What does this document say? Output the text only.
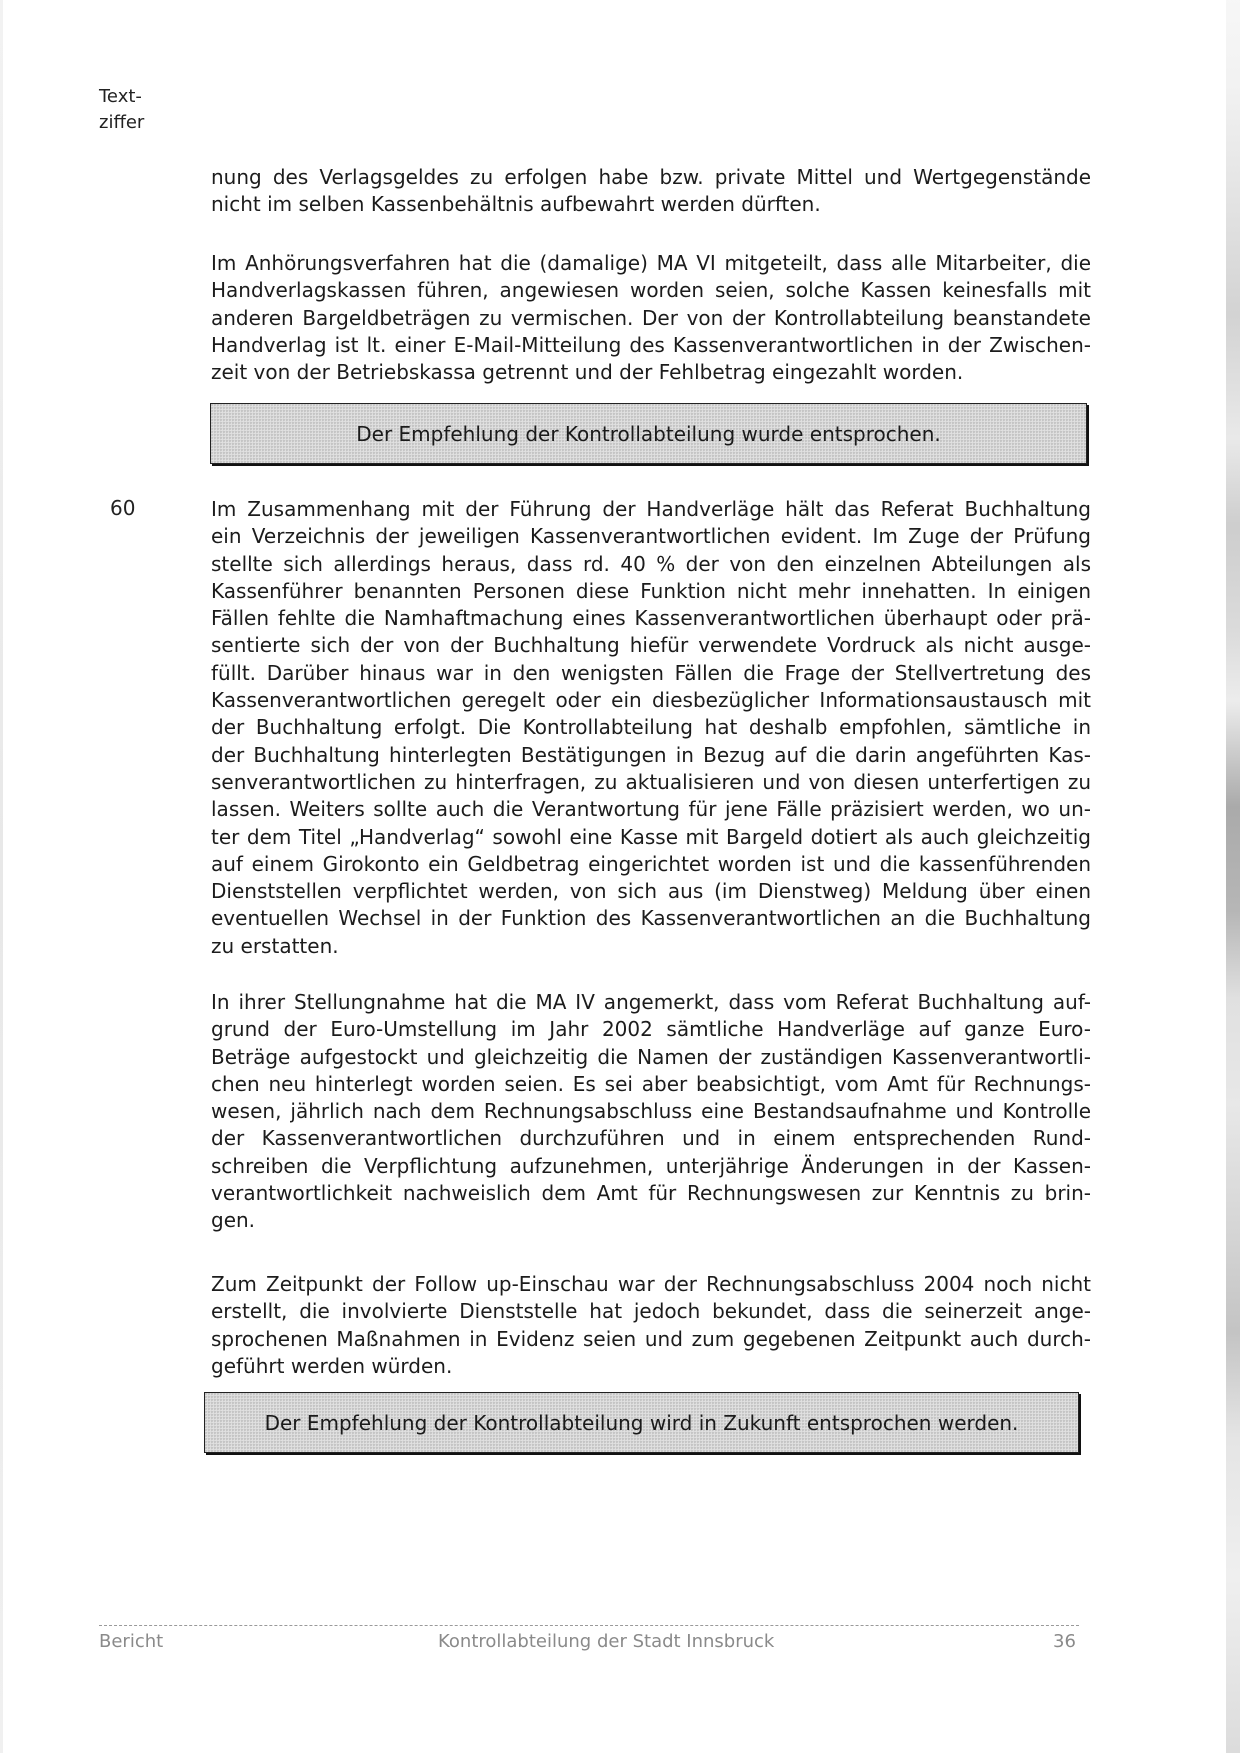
Text-
ziffer
nung des Verlagsgeldes zu erfolgen habe bzw. private Mittel und Wertgegenstände
nicht im selben Kassenbehältnis aufbewahrt werden dürften.
Im Anhörungsverfahren hat die (damalige) MA VI mitgeteilt, dass alle Mitarbeiter, die
Handverlagskassen führen, angewiesen worden seien, solche Kassen keinesfalls mit
anderen Bargeldbeträgen zu vermischen. Der von der Kontrollabteilung beanstandete
Handverlag ist lt. einer E-Mail-Mitteilung des Kassenverantwortlichen in der Zwischen-
zeit von der Betriebskassa getrennt und der Fehlbetrag eingezahlt worden.
Der Empfehlung der Kontrollabteilung wurde entsprochen.
60	Im Zusammenhang mit der Führung der Handverläge hält das Referat Buchhaltung
ein Verzeichnis der jeweiligen Kassenverantwortlichen evident. Im Zuge der Prüfung
stellte sich allerdings heraus, dass rd. 40 % der von den einzelnen Abteilungen als
Kassenführer benannten Personen diese Funktion nicht mehr innehatten. In einigen
Fällen fehlte die Namhaftmachung eines Kassenverantwortlichen überhaupt oder prä-
sentierte sich der von der Buchhaltung hiefür verwendete Vordruck als nicht ausge-
füllt. Darüber hinaus war in den wenigsten Fällen die Frage der Stellvertretung des
Kassenverantwortlichen geregelt oder ein diesbezüglicher Informationsaustausch mit
der Buchhaltung erfolgt. Die Kontrollabteilung hat deshalb empfohlen, sämtliche in
der Buchhaltung hinterlegten Bestätigungen in Bezug auf die darin angeführten Kas-
senverantwortlichen zu hinterfragen, zu aktualisieren und von diesen unterfertigen zu
lassen. Weiters sollte auch die Verantwortung für jene Fälle präzisiert werden, wo un-
ter dem Titel „Handverlag“ sowohl eine Kasse mit Bargeld dotiert als auch gleichzeitig
auf einem Girokonto ein Geldbetrag eingerichtet worden ist und die kassenführenden
Dienststellen verpflichtet werden, von sich aus (im Dienstweg) Meldung über einen
eventuellen Wechsel in der Funktion des Kassenverantwortlichen an die Buchhaltung
zu erstatten.
In ihrer Stellungnahme hat die MA IV angemerkt, dass vom Referat Buchhaltung auf-
grund der Euro-Umstellung im Jahr 2002 sämtliche Handverläge auf ganze Euro-
Beträge aufgestockt und gleichzeitig die Namen der zuständigen Kassenverantwortli-
chen neu hinterlegt worden seien. Es sei aber beabsichtigt, vom Amt für Rechnungs-
wesen, jährlich nach dem Rechnungsabschluss eine Bestandsaufnahme und Kontrolle
der Kassenverantwortlichen durchzuführen und in einem entsprechenden Rund-
schreiben die Verpflichtung aufzunehmen, unterjährige Änderungen in der Kassen-
verantwortlichkeit nachweislich dem Amt für Rechnungswesen zur Kenntnis zu brin-
gen.
Zum Zeitpunkt der Follow up-Einschau war der Rechnungsabschluss 2004 noch nicht
erstellt, die involvierte Dienststelle hat jedoch bekundet, dass die seinerzeit ange-
sprochenen Maßnahmen in Evidenz seien und zum gegebenen Zeitpunkt auch durch-
geführt werden würden.
Der Empfehlung der Kontrollabteilung wird in Zukunft entsprochen werden.
Bericht	Kontrollabteilung der Stadt Innsbruck	36
